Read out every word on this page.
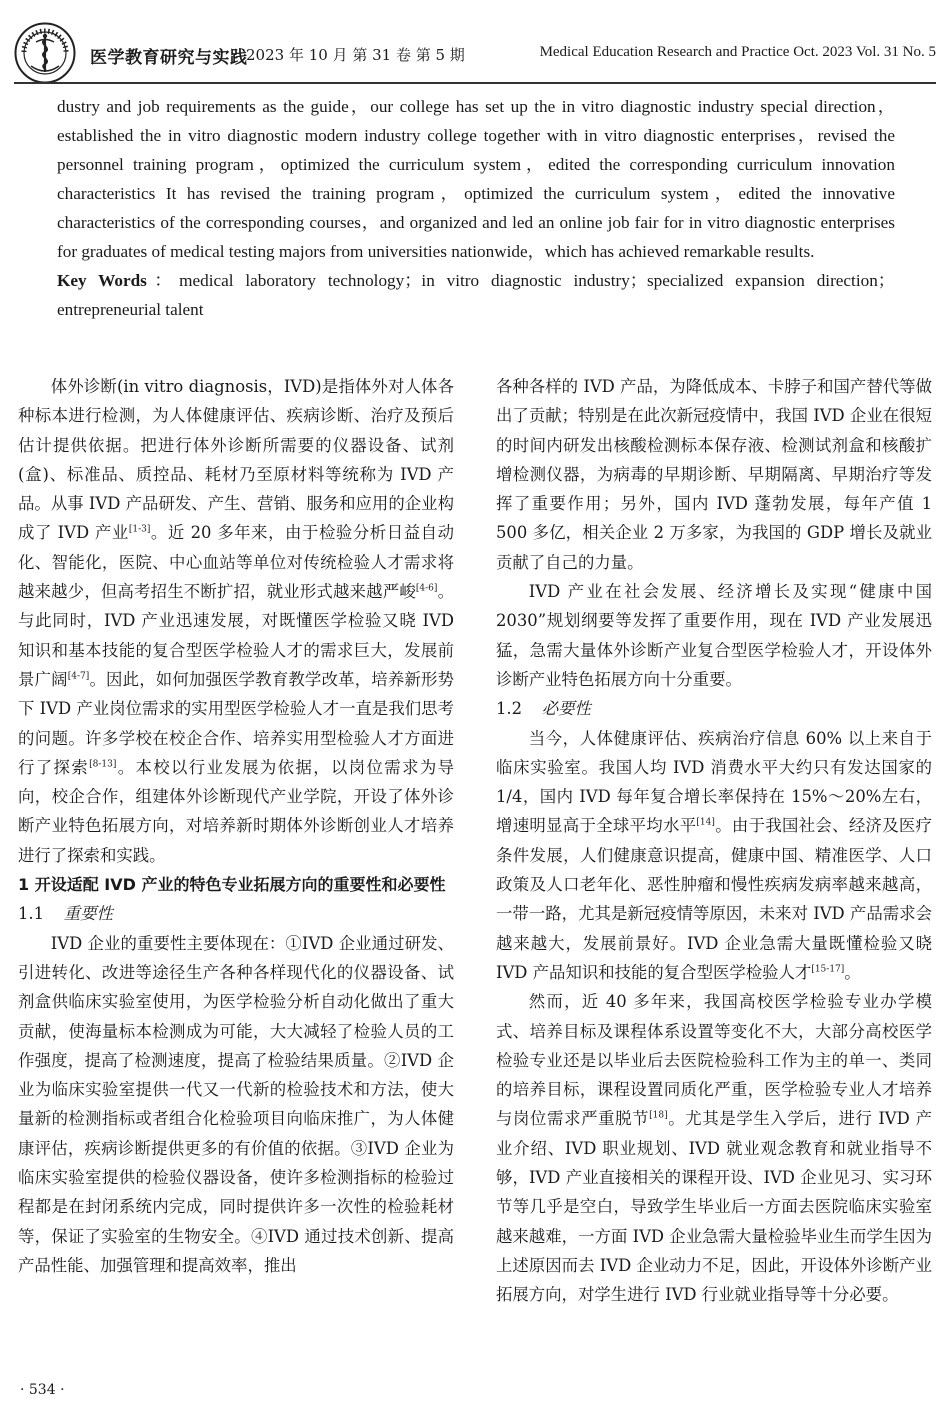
医学教育研究与实践
2023 年 10 月 第 31 卷 第 5 期	Medical Education Research and Practice Oct. 2023 Vol. 31 No. 5

dustry and job requirements as the guide，our college has set up the in vitro diagnostic industry special direction，established the in vitro diagnostic modern industry college together with in vitro diagnostic enterprises，revised the personnel training program，optimized the curriculum system，edited the corresponding curriculum innovation characteristics It has revised the training program，optimized the curriculum system，edited the innovative characteristics of the corresponding courses，and organized and led an online job fair for in vitro diagnostic enterprises for graduates of medical testing majors from universities nationwide，which has achieved remarkable results.

Key Words：medical laboratory technology；in vitro diagnostic industry；specialized expansion direction；entrepreneurial talent

体外诊断(in vitro diagnosis，IVD)是指体外对人体各种标本进行检测，为人体健康评估、疾病诊断、治疗及预后估计提供依据。把进行体外诊断所需要的仪器设备、试剂(盒)、标准品、质控品、耗材乃至原材料等统称为 IVD 产品。从事 IVD 产品研发、产生、营销、服务和应用的企业构成了 IVD 产业[1-3]。近 20 多年来，由于检验分析日益自动化、智能化，医院、中心血站等单位对传统检验人才需求将越来越少，但高考招生不断扩招，就业形式越来越严峻[4-6]。与此同时，IVD 产业迅速发展，对既懂医学检验又晓 IVD 知识和基本技能的复合型医学检验人才的需求巨大，发展前景广阔[4-7]。因此，如何加强医学教育教学改革，培养新形势下 IVD 产业岗位需求的实用型医学检验人才一直是我们思考的问题。许多学校在校企合作、培养实用型检验人才方面进行了探索[8-13]。本校以行业发展为依据，以岗位需求为导向，校企合作，组建体外诊断现代产业学院，开设了体外诊断产业特色拓展方向，对培养新时期体外诊断创业人才培养进行了探索和实践。

1 开设适配 IVD 产业的特色专业拓展方向的重要性和必要性

1.1 重要性

IVD 企业的重要性主要体现在：①IVD 企业通过研发、引进转化、改进等途径生产各种各样现代化的仪器设备、试剂盒供临床实验室使用，为医学检验分析自动化做出了重大贡献，使海量标本检测成为可能，大大减轻了检验人员的工作强度，提高了检测速度，提高了检验结果质量。②IVD 企业为临床实验室提供一代又一代新的检验技术和方法，使大量新的检测指标或者组合化检验项目向临床推广，为人体健康评估，疾病诊断提供更多的有价值的依据。③IVD 企业为临床实验室提供的检验仪器设备，使许多检测指标的检验过程都是在封闭系统内完成，同时提供许多一次性的检验耗材等，保证了实验室的生物安全。④IVD 通过技术创新、提高产品性能、加强管理和提高效率，推出

各种各样的 IVD 产品，为降低成本、卡脖子和国产替代等做出了贡献；特别是在此次新冠疫情中，我国 IVD 企业在很短的时间内研发出核酸检测标本保存液、检测试剂盒和核酸扩增检测仪器，为病毒的早期诊断、早期隔离、早期治疗等发挥了重要作用；另外，国内 IVD 蓬勃发展，每年产值 1 500 多亿，相关企业 2 万多家，为我国的 GDP 增长及就业贡献了自己的力量。

IVD 产业在社会发展、经济增长及实现“健康中国 2030”规划纲要等发挥了重要作用，现在 IVD 产业发展迅猛，急需大量体外诊断产业复合型医学检验人才，开设体外诊断产业特色拓展方向十分重要。

1.2 必要性

当今，人体健康评估、疾病治疗信息 60% 以上来自于临床实验室。我国人均 IVD 消费水平大约只有发达国家的 1/4，国内 IVD 每年复合增长率保持在 15%～20%左右，增速明显高于全球平均水平[14]。由于我国社会、经济及医疗条件发展，人们健康意识提高，健康中国、精准医学、人口政策及人口老年化、恶性肿瘤和慢性疾病发病率越来越高，一带一路，尤其是新冠疫情等原因，未来对 IVD 产品需求会越来越大，发展前景好。IVD 企业急需大量既懂检验又晓 IVD 产品知识和技能的复合型医学检验人才[15-17]。

然而，近 40 多年来，我国高校医学检验专业办学模式、培养目标及课程体系设置等变化不大，大部分高校医学检验专业还是以毕业后去医院检验科工作为主的单一、类同的培养目标，课程设置同质化严重，医学检验专业人才培养与岗位需求严重脱节[18]。尤其是学生入学后，进行 IVD 产业介绍、IVD 职业规划、IVD 就业观念教育和就业指导不够，IVD 产业直接相关的课程开设、IVD 企业见习、实习环节等几乎是空白，导致学生毕业后一方面去医院临床实验室越来越难，一方面 IVD 企业急需大量检验毕业生而学生因为上述原因而去 IVD 企业动力不足，因此，开设体外诊断产业拓展方向，对学生进行 IVD 行业就业指导等十分必要。

· 534 ·
